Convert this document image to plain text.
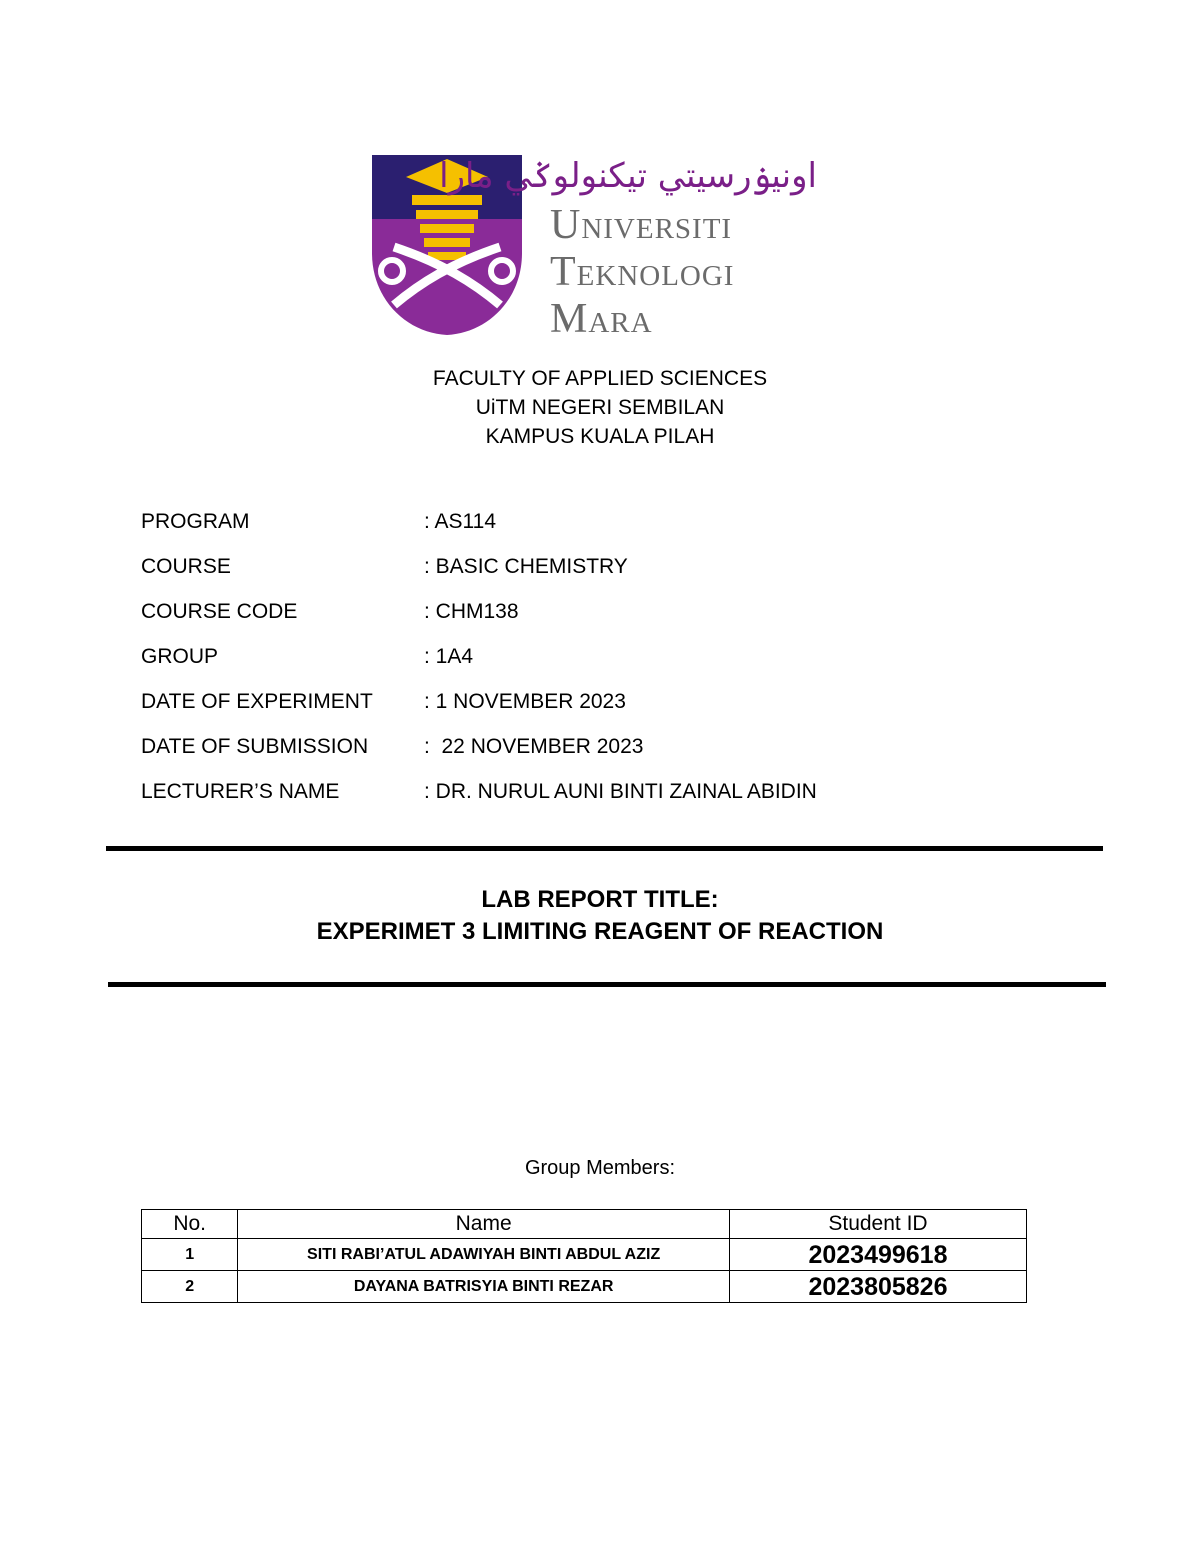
اونيۏرسيتي تيكنولوݢي مارا
Universiti
Teknologi
Mara
FACULTY OF APPLIED SCIENCES
UiTM NEGERI SEMBILAN
KAMPUS KUALA PILAH
PROGRAM	: AS114
COURSE	: BASIC CHEMISTRY
COURSE CODE	: CHM138
GROUP	: 1A4
DATE OF EXPERIMENT : 1 NOVEMBER 2023
DATE OF SUBMISSION	:  22 NOVEMBER 2023
LECTURER’S NAME	: DR. NURUL AUNI BINTI ZAINAL ABIDIN
LAB REPORT TITLE:
EXPERIMET 3 LIMITING REAGENT OF REACTION
Group Members:
No.	Name	Student ID
1	SITI RABI’ATUL ADAWIYAH BINTI ABDUL AZIZ	2023499618
2	DAYANA BATRISYIA BINTI REZAR	2023805826
